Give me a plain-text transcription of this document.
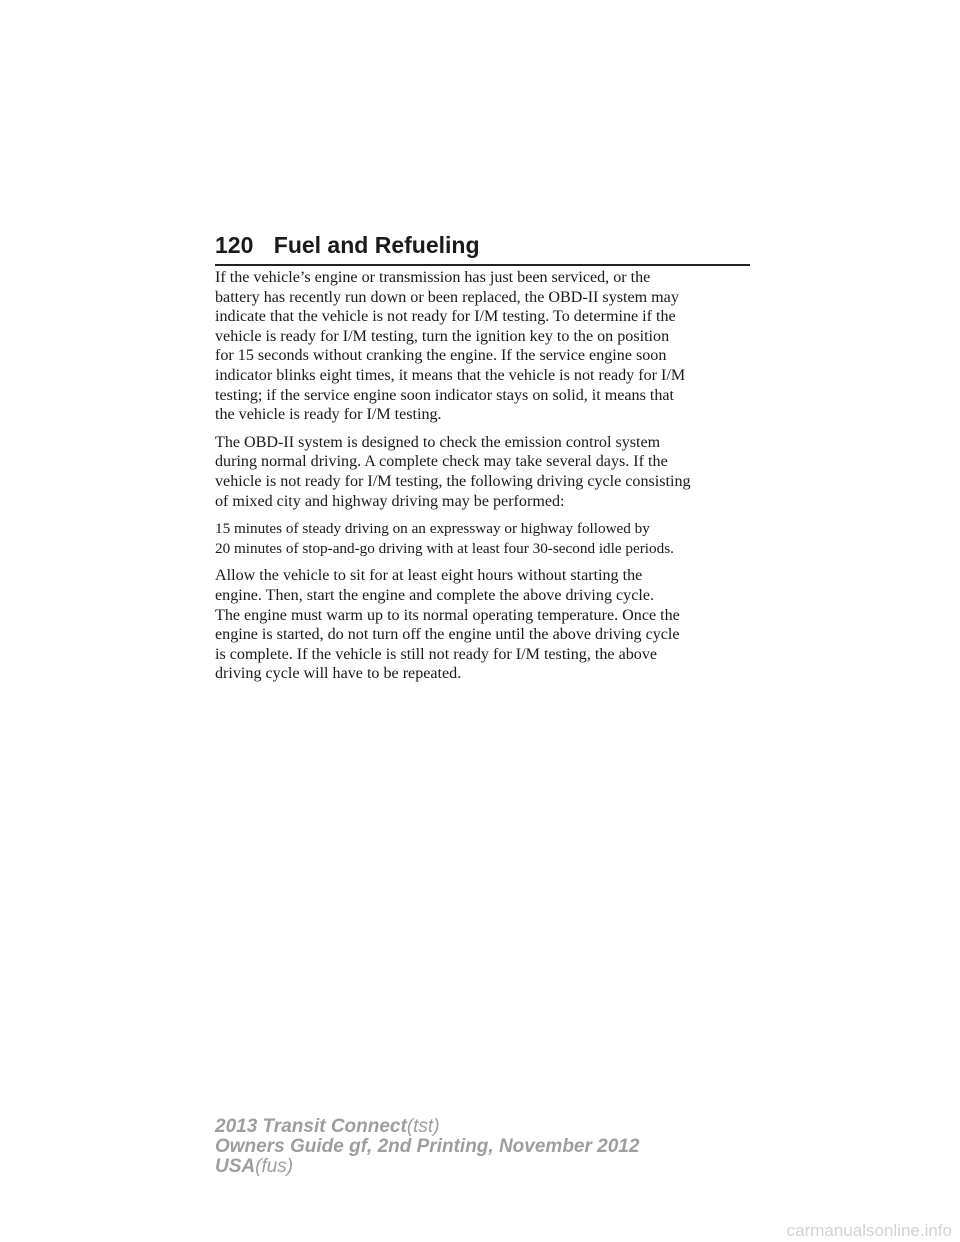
120 Fuel and Refueling

If the vehicle’s engine or transmission has just been serviced, or the
battery has recently run down or been replaced, the OBD-II system may
indicate that the vehicle is not ready for I/M testing. To determine if the
vehicle is ready for I/M testing, turn the ignition key to the on position
for 15 seconds without cranking the engine. If the service engine soon
indicator blinks eight times, it means that the vehicle is not ready for I/M
testing; if the service engine soon indicator stays on solid, it means that
the vehicle is ready for I/M testing.

The OBD-II system is designed to check the emission control system
during normal driving. A complete check may take several days. If the
vehicle is not ready for I/M testing, the following driving cycle consisting
of mixed city and highway driving may be performed:

15 minutes of steady driving on an expressway or highway followed by
20 minutes of stop-and-go driving with at least four 30-second idle periods.

Allow the vehicle to sit for at least eight hours without starting the
engine. Then, start the engine and complete the above driving cycle.
The engine must warm up to its normal operating temperature. Once the
engine is started, do not turn off the engine until the above driving cycle
is complete. If the vehicle is still not ready for I/M testing, the above
driving cycle will have to be repeated.

2013 Transit Connect(tst)
Owners Guide gf, 2nd Printing, November 2012
USA(fus)
carmanualsonline.info
